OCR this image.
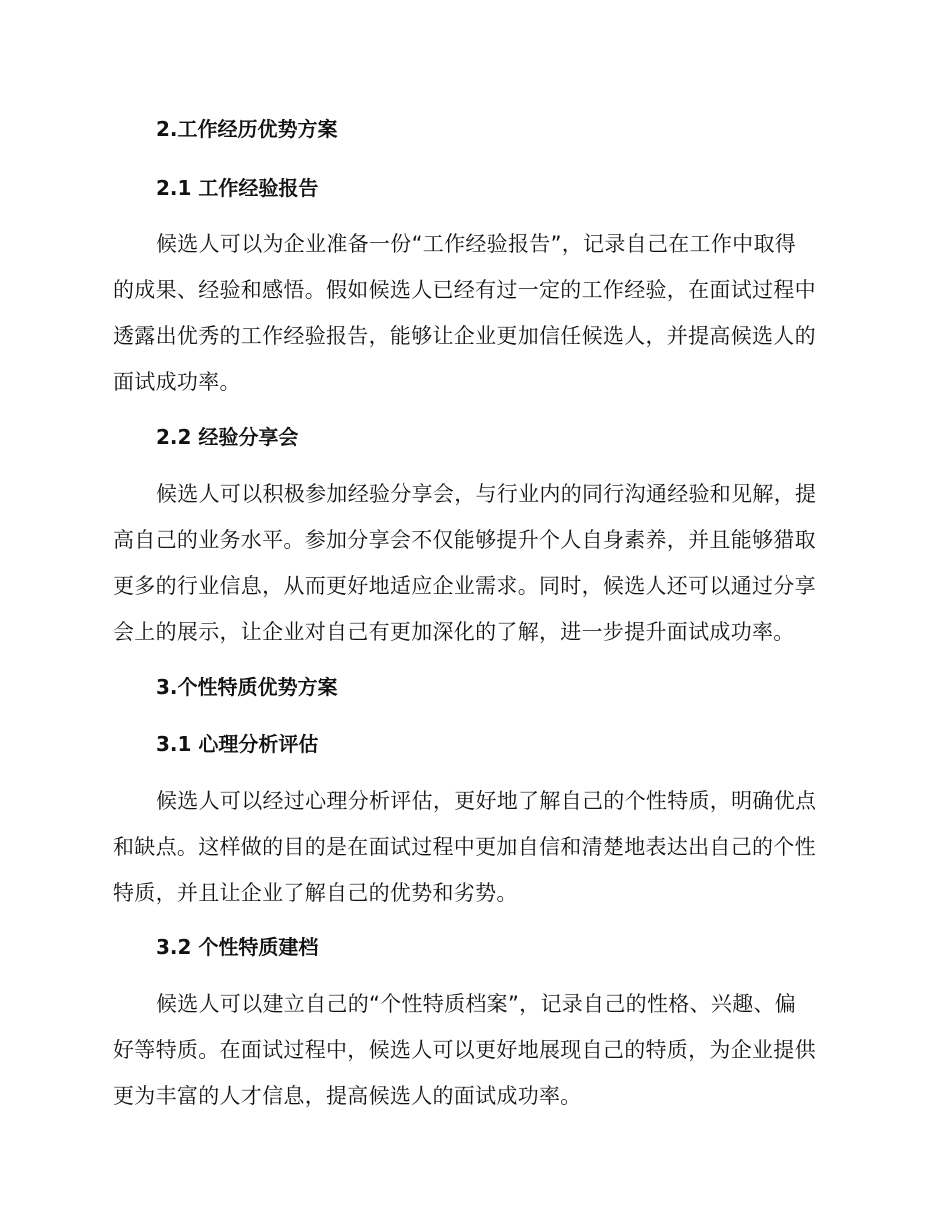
2.工作经历优势方案
2.1 工作经验报告
候选人可以为企业准备一份“工作经验报告”，记录自己在工作中取得
的成果、经验和感悟。假如候选人已经有过一定的工作经验，在面试过程中
透露出优秀的工作经验报告，能够让企业更加信任候选人，并提高候选人的
面试成功率。
2.2 经验分享会
候选人可以积极参加经验分享会，与行业内的同行沟通经验和见解，提
高自己的业务水平。参加分享会不仅能够提升个人自身素养，并且能够猎取
更多的行业信息，从而更好地适应企业需求。同时，候选人还可以通过分享
会上的展示，让企业对自己有更加深化的了解，进一步提升面试成功率。
3.个性特质优势方案
3.1 心理分析评估
候选人可以经过心理分析评估，更好地了解自己的个性特质，明确优点
和缺点。这样做的目的是在面试过程中更加自信和清楚地表达出自己的个性
特质，并且让企业了解自己的优势和劣势。
3.2 个性特质建档
候选人可以建立自己的“个性特质档案”，记录自己的性格、兴趣、偏
好等特质。在面试过程中，候选人可以更好地展现自己的特质，为企业提供
更为丰富的人才信息，提高候选人的面试成功率。
